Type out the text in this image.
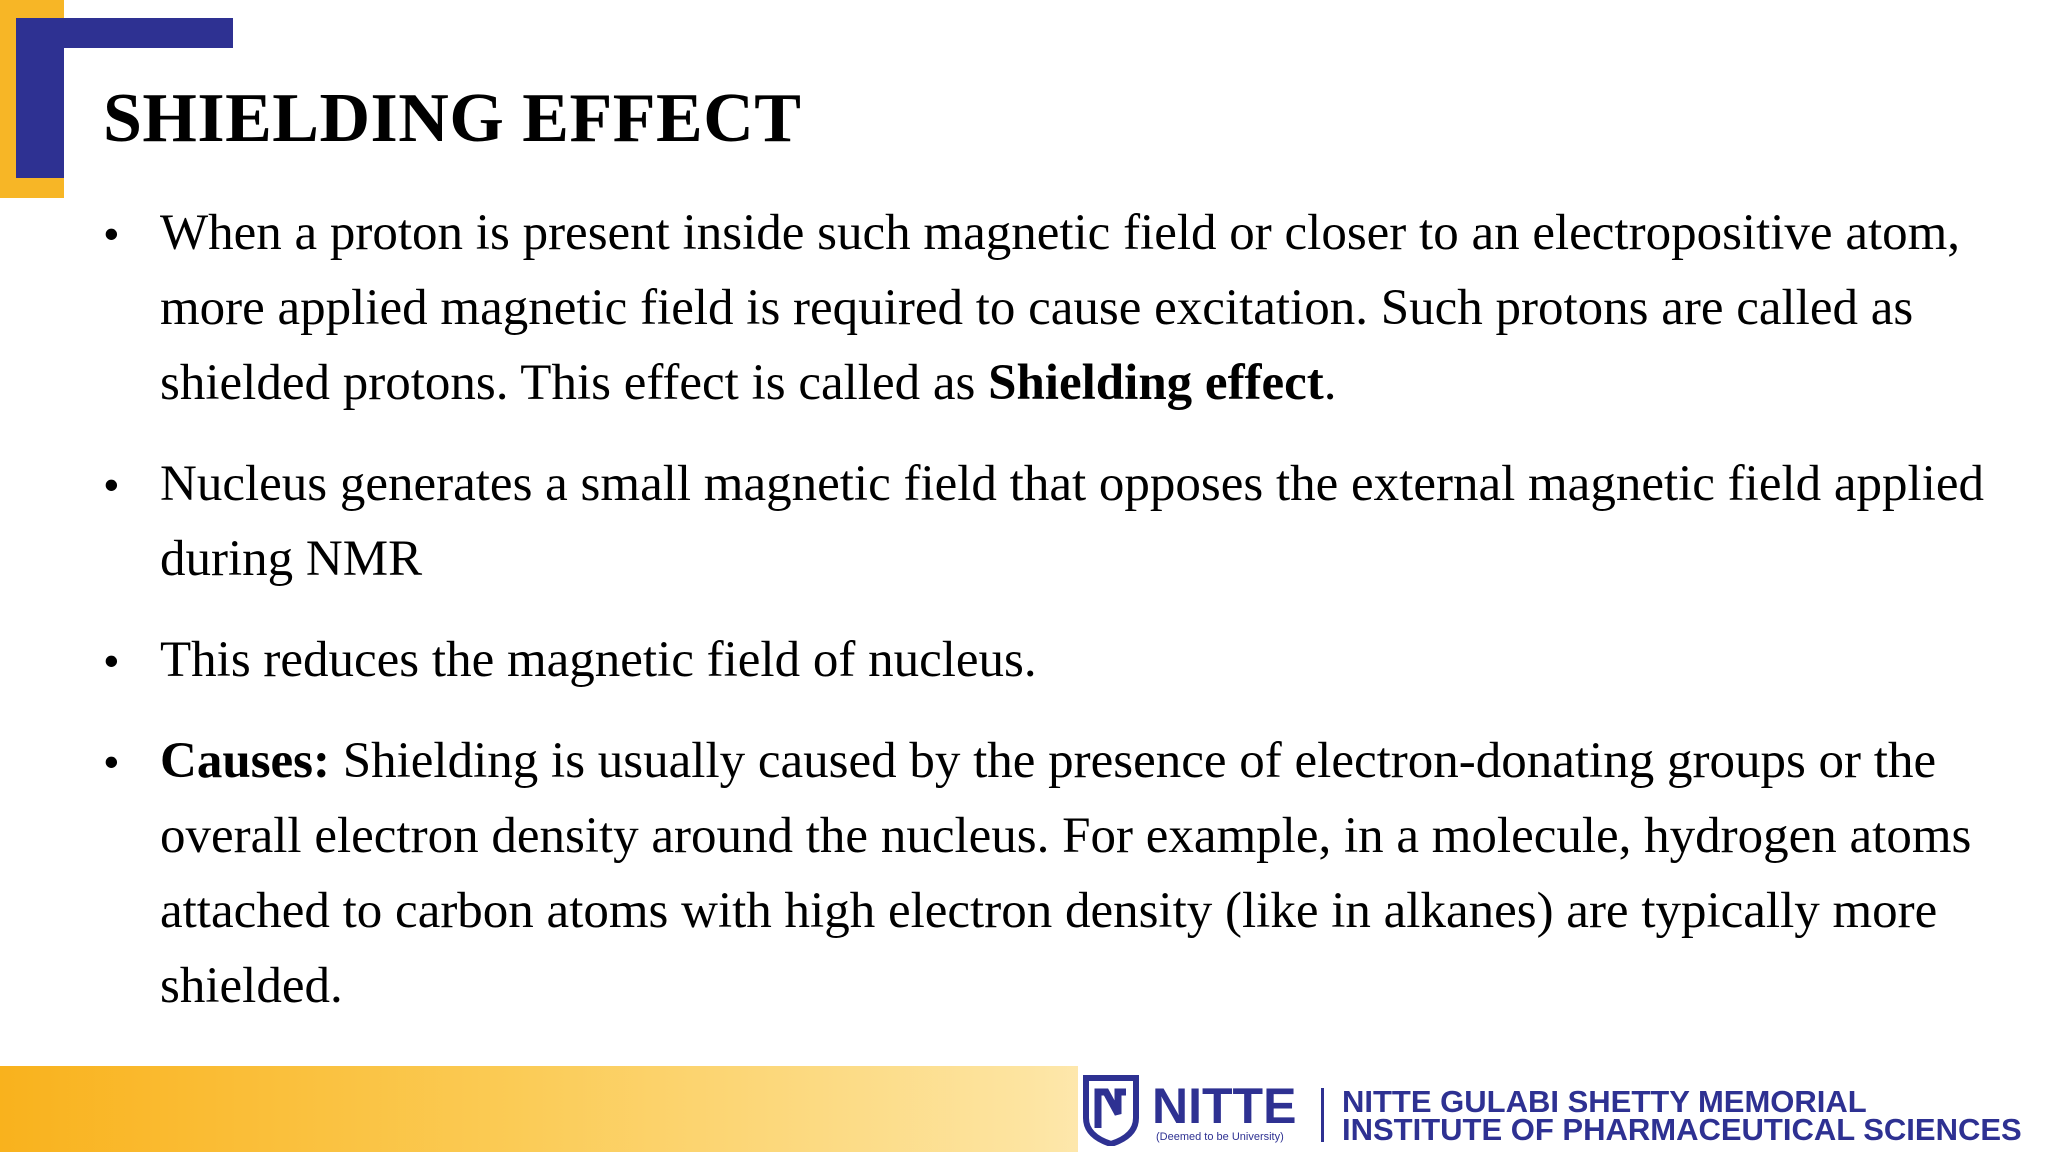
SHIELDING EFFECT
• When a proton is present inside such magnetic field or closer to an electropositive atom, more applied magnetic field is required to cause excitation. Such protons are called as shielded protons. This effect is called as Shielding effect.
• Nucleus generates a small magnetic field that opposes the external magnetic field applied during NMR
• This reduces the magnetic field of nucleus.
• Causes: Shielding is usually caused by the presence of electron-donating groups or the overall electron density around the nucleus. For example, in a molecule, hydrogen atoms attached to carbon atoms with high electron density (like in alkanes) are typically more shielded.
NITTE
(Deemed to be University)
NITTE GULABI SHETTY MEMORIAL
INSTITUTE OF PHARMACEUTICAL SCIENCES
